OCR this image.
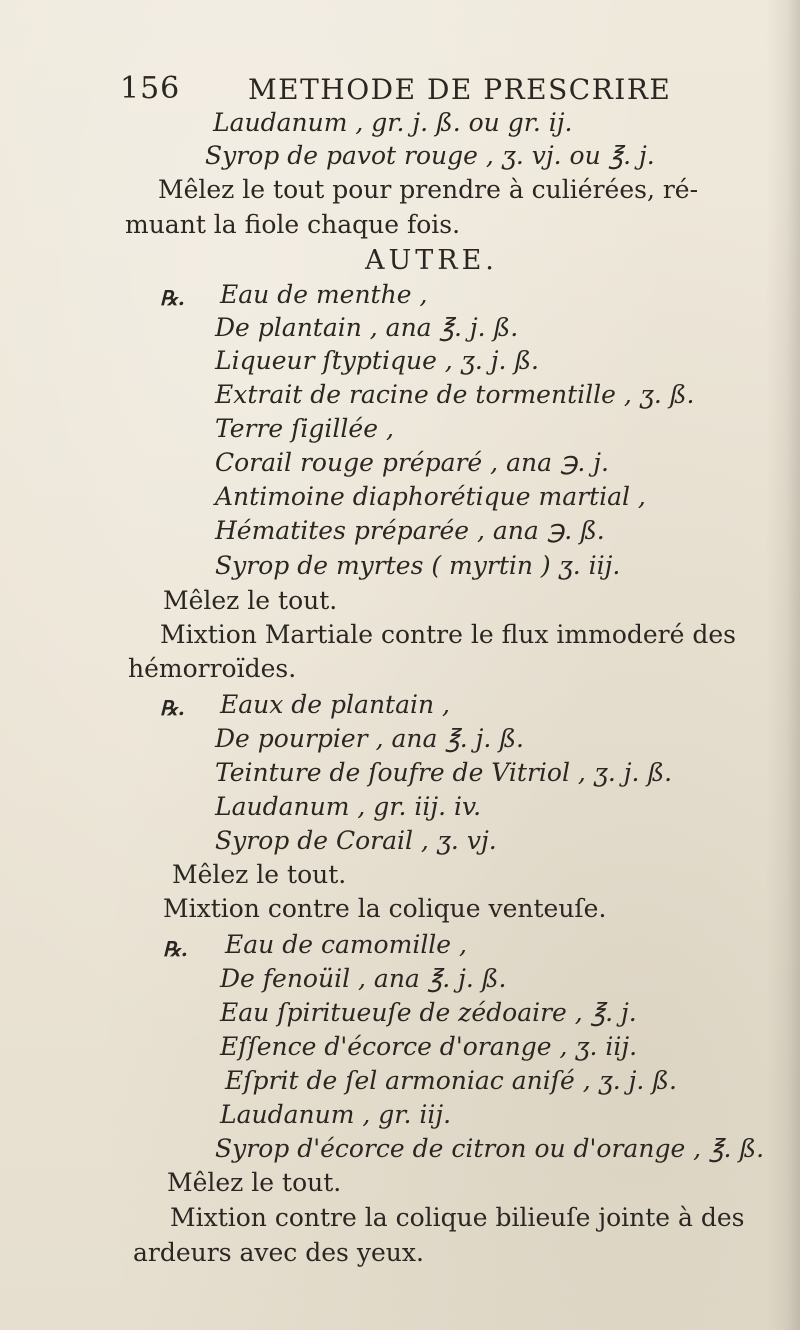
156 METHODE DE PRESCRIRE
Laudanum , gr. j. ß. ou gr. ij.
Syrop de pavot rouge , ʒ. vj. ou ℥. j.
Mêlez le tout pour prendre à culiérées, ré-
muant la fiole chaque fois.
AUTRE.
℞. Eau de menthe ,
De plantain , ana ℥. j. ß.
Liqueur ſtyptique , ʒ. j. ß.
Extrait de racine de tormentille , ʒ. ß.
Terre ſigillée ,
Corail rouge préparé , ana ℈. j.
Antimoine diaphorétique martial ,
Hématites préparée , ana ℈. ß.
Syrop de myrtes ( myrtin ) ʒ. iij.
Mêlez le tout.
Mixtion Martiale contre le flux immoderé des
hémorroïdes.
℞. Eaux de plantain ,
De pourpier , ana ℥. j. ß.
Teinture de ſoufre de Vitriol , ʒ. j. ß.
Laudanum , gr. iij. iv.
Syrop de Corail , ʒ. vj.
Mêlez le tout.
Mixtion contre la colique venteuſe.
℞. Eau de camomille ,
De fenoüil , ana ℥. j. ß.
Eau ſpiritueuſe de zédoaire , ℥. j.
Eſſence d'écorce d'orange , ʒ. iij.
Eſprit de ſel armoniac aniſé , ʒ. j. ß.
Laudanum , gr. iij.
Syrop d'écorce de citron ou d'orange , ℥. ß.
Mêlez le tout.
Mixtion contre la colique bilieuſe jointe à des
ardeurs avec des yeux.
